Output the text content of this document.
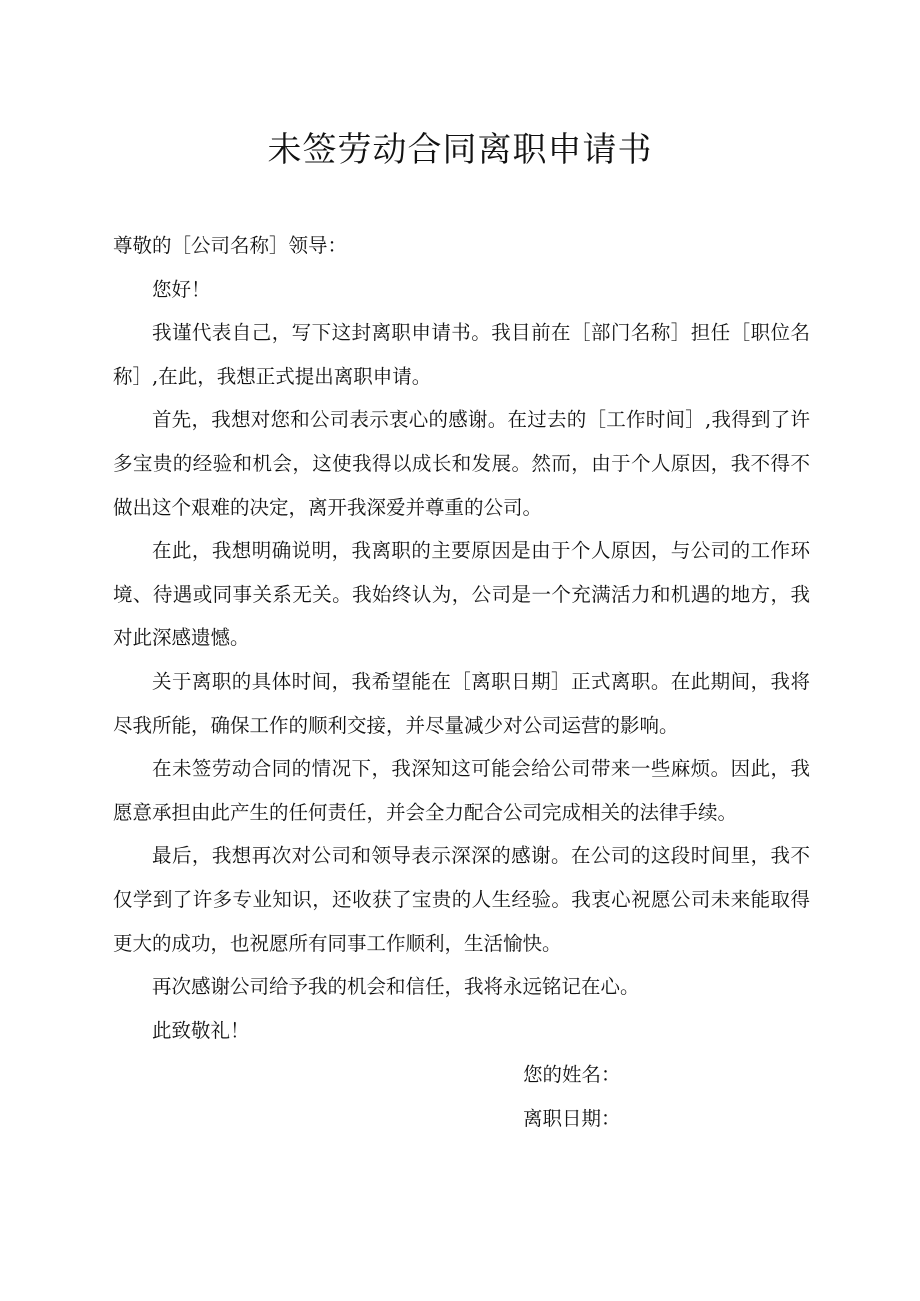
未签劳动合同离职申请书

尊敬的［公司名称］领导：

您好！

我谨代表自己，写下这封离职申请书。我目前在［部门名称］担任［职位名称］,在此，我想正式提出离职申请。

首先，我想对您和公司表示衷心的感谢。在过去的［工作时间］,我得到了许多宝贵的经验和机会，这使我得以成长和发展。然而，由于个人原因，我不得不做出这个艰难的决定，离开我深爱并尊重的公司。

在此，我想明确说明，我离职的主要原因是由于个人原因，与公司的工作环境、待遇或同事关系无关。我始终认为，公司是一个充满活力和机遇的地方，我对此深感遗憾。

关于离职的具体时间，我希望能在［离职日期］正式离职。在此期间，我将尽我所能，确保工作的顺利交接，并尽量减少对公司运营的影响。

在未签劳动合同的情况下，我深知这可能会给公司带来一些麻烦。因此，我愿意承担由此产生的任何责任，并会全力配合公司完成相关的法律手续。

最后，我想再次对公司和领导表示深深的感谢。在公司的这段时间里，我不仅学到了许多专业知识，还收获了宝贵的人生经验。我衷心祝愿公司未来能取得更大的成功，也祝愿所有同事工作顺利，生活愉快。

再次感谢公司给予我的机会和信任，我将永远铭记在心。

此致敬礼！

您的姓名：
离职日期：
